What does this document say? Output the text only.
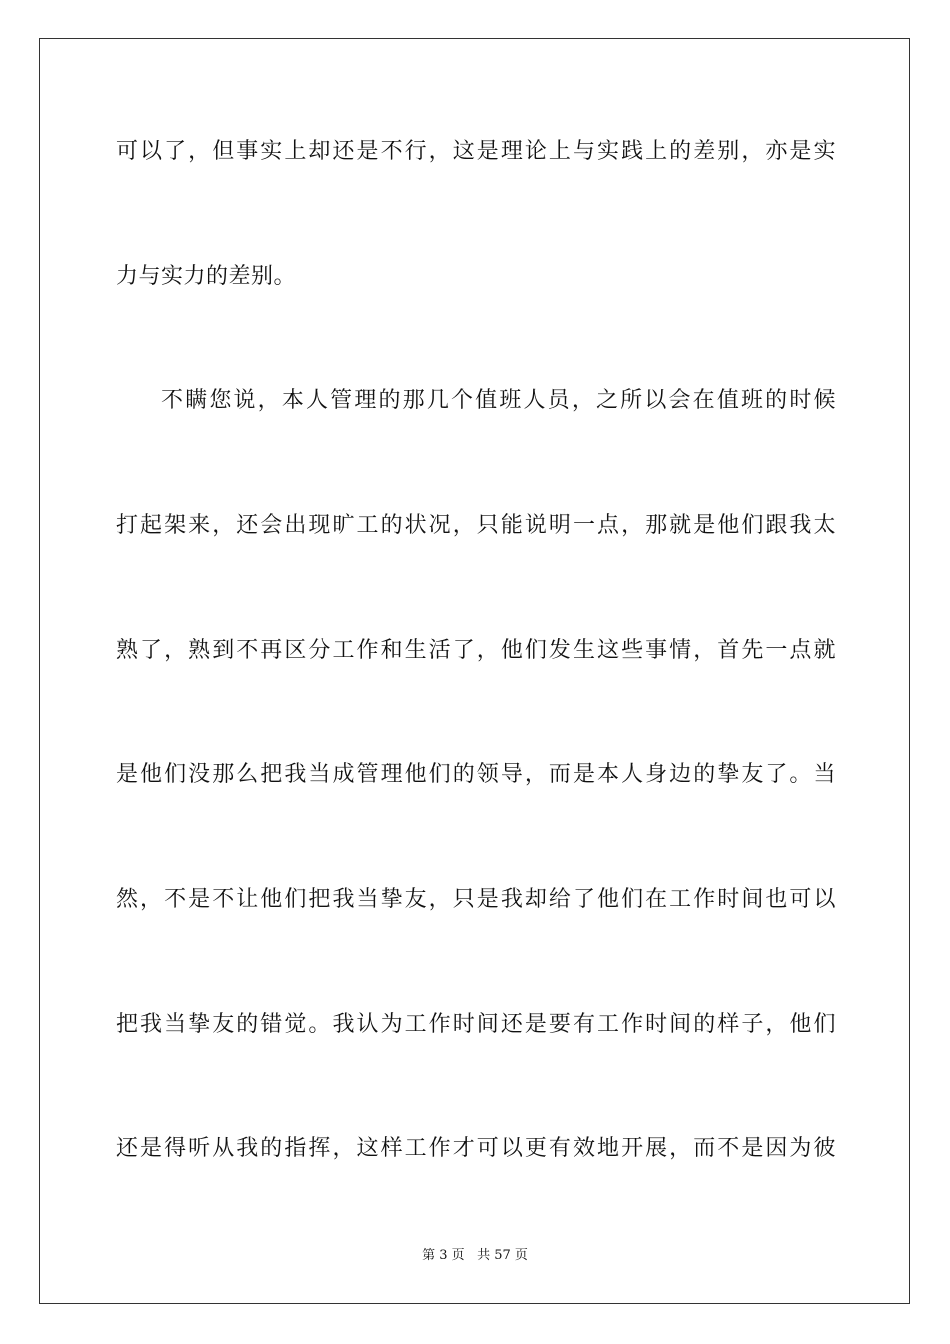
可以了，但事实上却还是不行，这是理论上与实践上的差别，亦是实
力与实力的差别。
不瞒您说，本人管理的那几个值班人员，之所以会在值班的时候
打起架来，还会出现旷工的状况，只能说明一点，那就是他们跟我太
熟了，熟到不再区分工作和生活了，他们发生这些事情，首先一点就
是他们没那么把我当成管理他们的领导，而是本人身边的挚友了。当
然，不是不让他们把我当挚友，只是我却给了他们在工作时间也可以
把我当挚友的错觉。我认为工作时间还是要有工作时间的样子，他们
还是得听从我的指挥，这样工作才可以更有效地开展，而不是因为彼
第 3 页 共 57 页
